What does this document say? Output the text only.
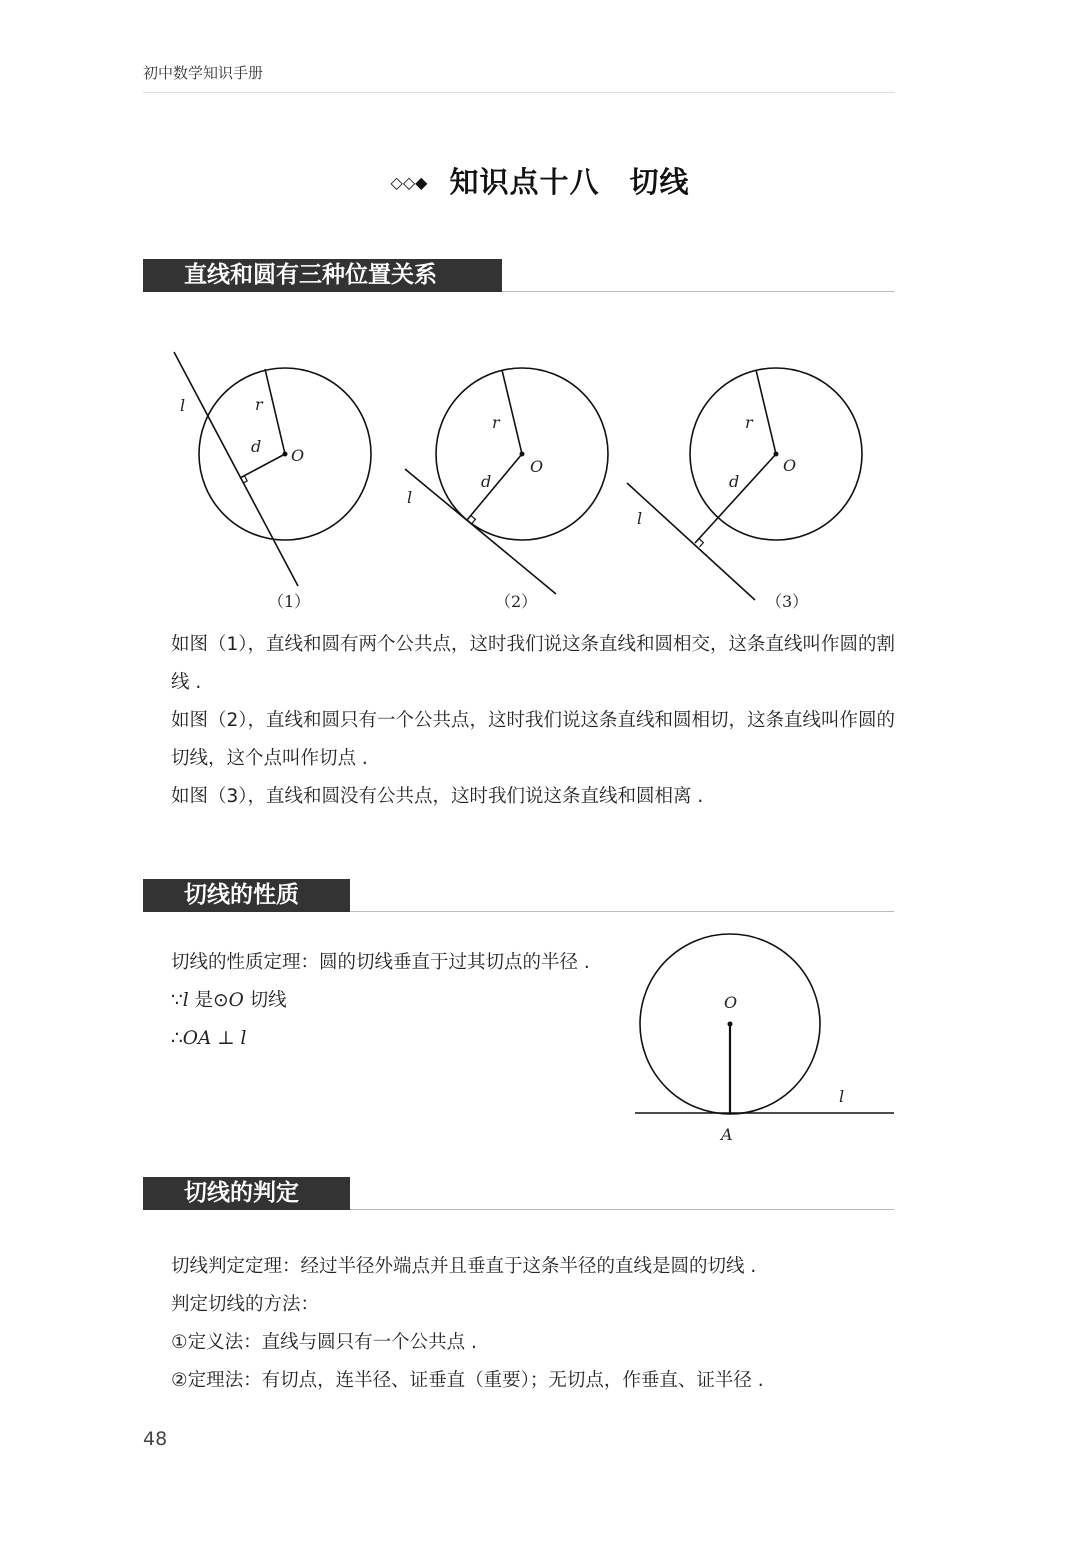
初中数学知识手册
◇◇◆ 知识点十八　切线
直线和圆有三种位置关系
l	r
d O
（1）
l
r
d
O
（2）
l
r
d
O
（3）

如图（1），直线和圆有两个公共点，这时我们说这条直线和圆相交，这条直线叫作圆的割线 .

如图（2），直线和圆只有一个公共点，这时我们说这条直线和圆相切，这条直线叫作圆的切线，这个点叫作切点 .

如图（3），直线和圆没有公共点，这时我们说这条直线和圆相离 .

切线的性质

切线的性质定理：圆的切线垂直于过其切点的半径 .

∵l 是⊙O 切线

∴OA ⊥ l

O
l
A
切线的判定

切线判定定理：经过半径外端点并且垂直于这条半径的直线是圆的切线 .

判定切线的方法：

①定义法：直线与圆只有一个公共点 .

②定理法：有切点，连半径、证垂直（重要）；无切点，作垂直、证半径 .

48
